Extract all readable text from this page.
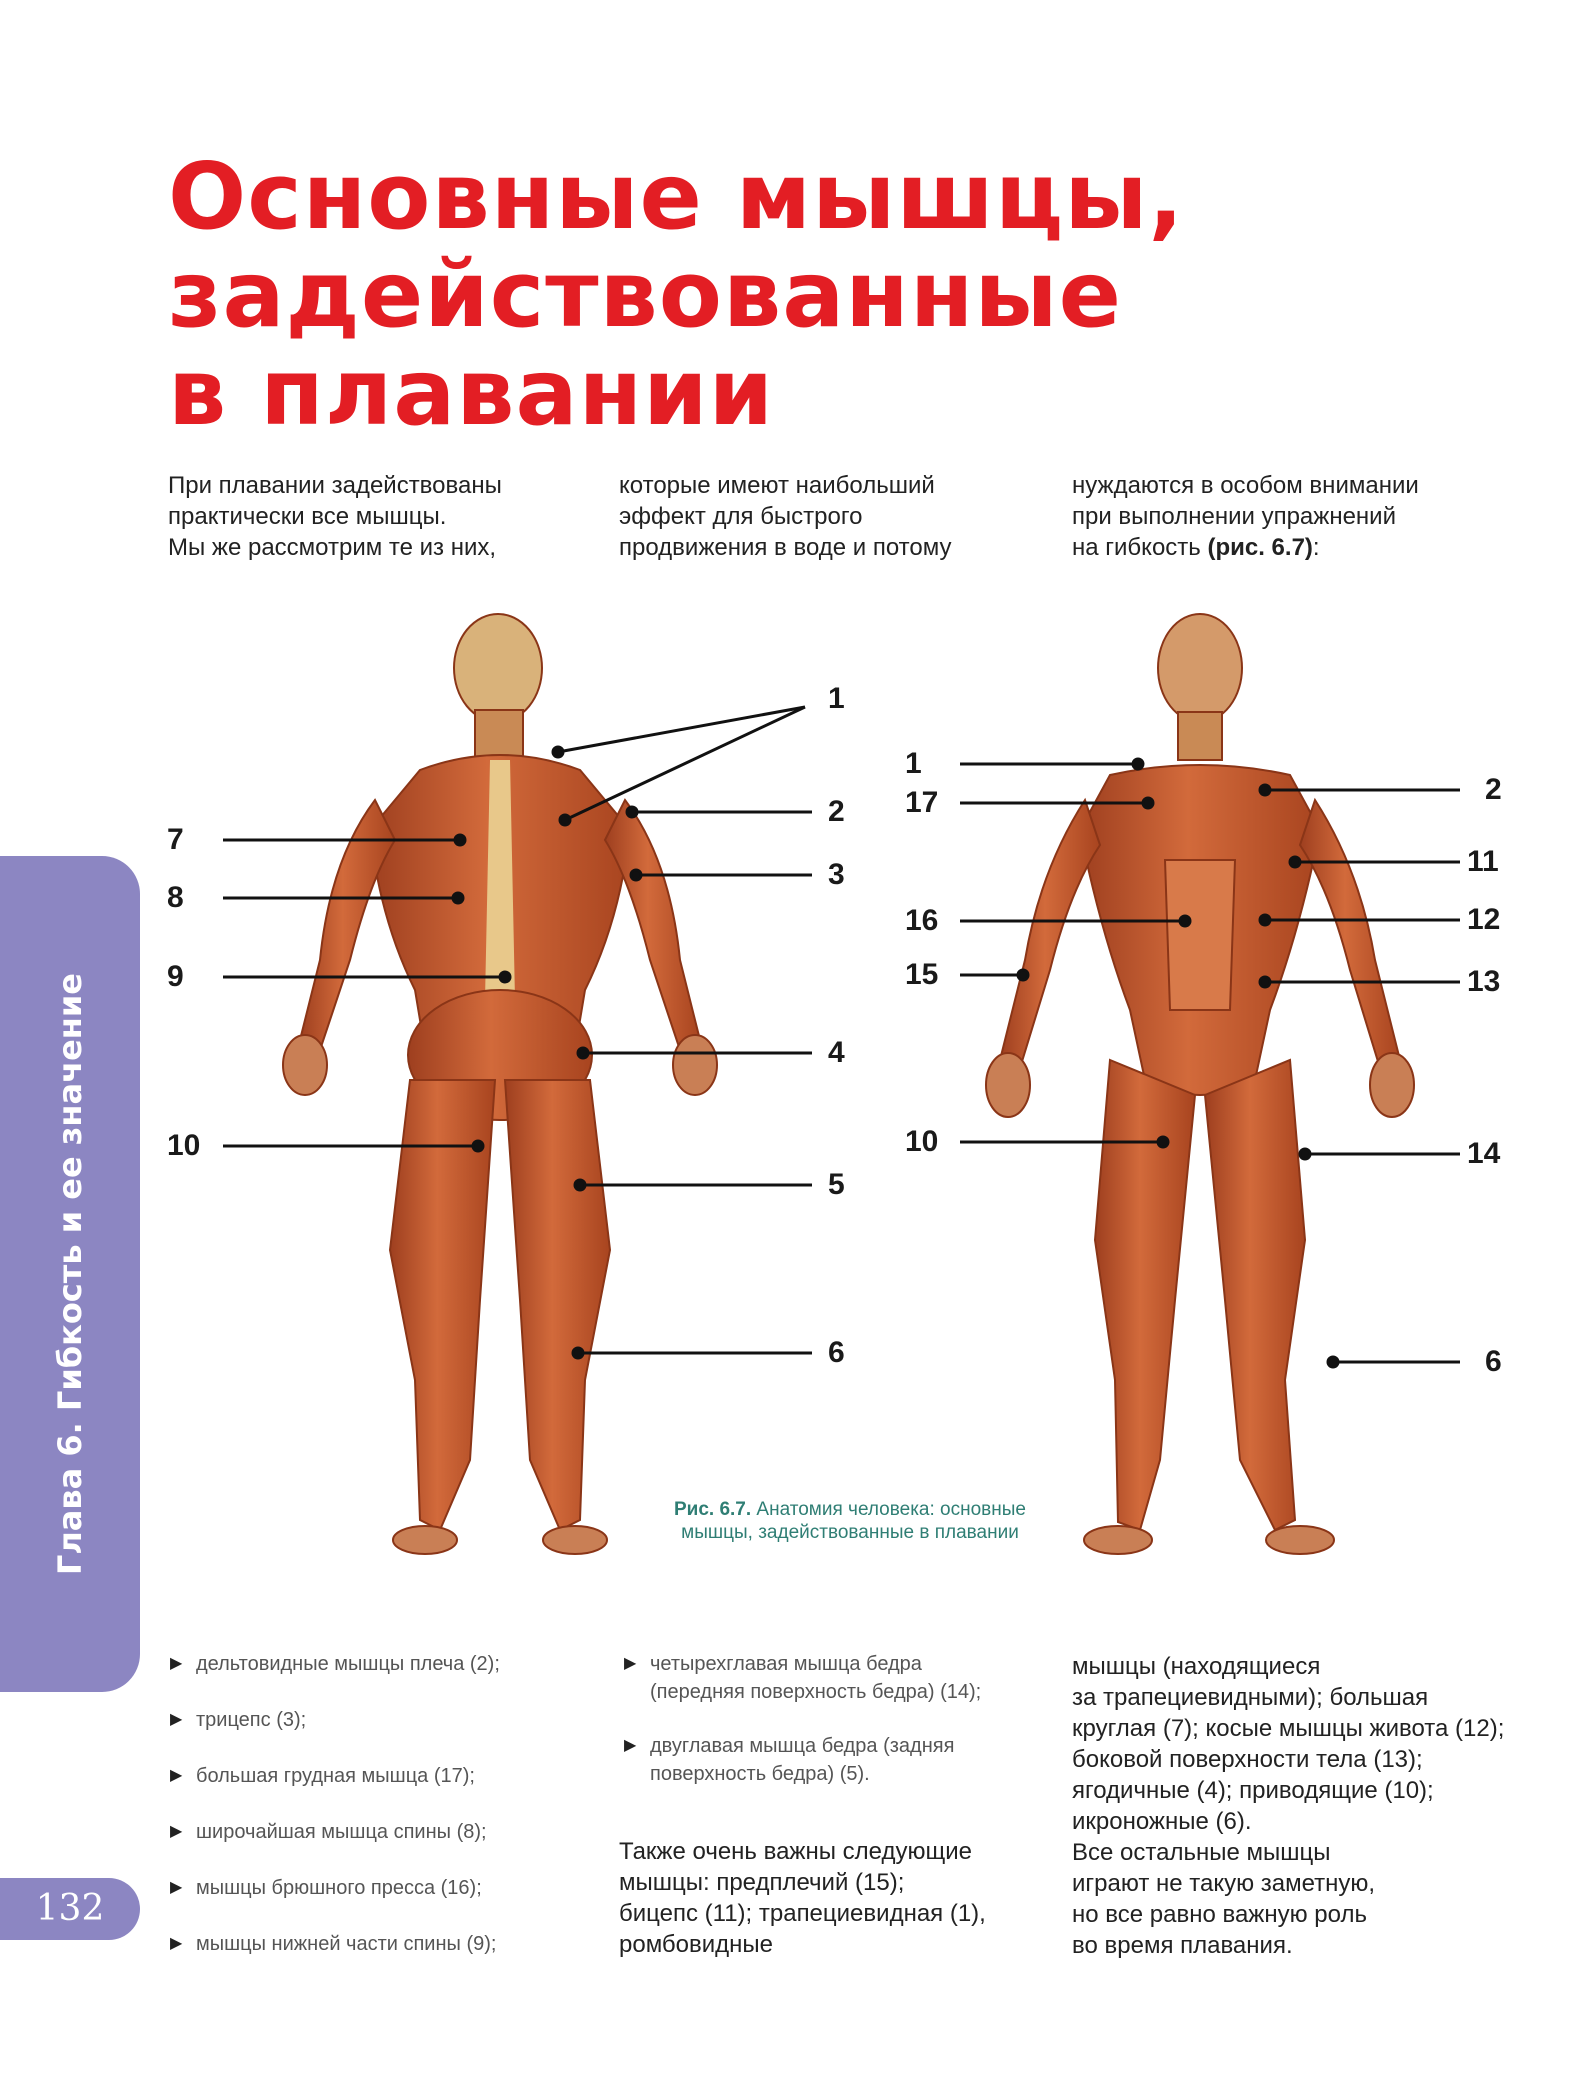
Основные мышцы,
задействованные
в плавании
При плавании задействованы
практически все мышцы.
Мы же рассмотрим те из них,
которые имеют наибольший
эффект для быстрого
продвижения в воде и потому
нуждаются в особом внимании
при выполнении упражнений
на гибкость (рис. 6.7):
Глава 6. Гибкость и ее значение
132
1
2
3
4
5
6
7
8
9
10
1
17	2
11
16	12
15	13
10	14
6
Рис. 6.7. Анатомия человека: основные
мышцы, задействованные в плавании
▶ дельтовидные мышцы плеча (2);
▶ трицепс (3);
▶ большая грудная мышца (17);
▶ широчайшая мышца спины (8);
▶ мышцы брюшного пресса (16);
▶ мышцы нижней части спины (9);
▶ четырехглавая мышца бедра
(передняя поверхность бедра) (14);
▶ двуглавая мышца бедра (задняя
поверхность бедра) (5).
Также очень важны следующие
мышцы: предплечий (15);
бицепс (11); трапециевидная (1),
ромбовидные
мышцы (находящиеся
за трапециевидными); большая
круглая (7); косые мышцы живота (12);
боковой поверхности тела (13);
ягодичные (4); приводящие (10);
икроножные (6).
Все остальные мышцы
играют не такую заметную,
но все равно важную роль
во время плавания.
